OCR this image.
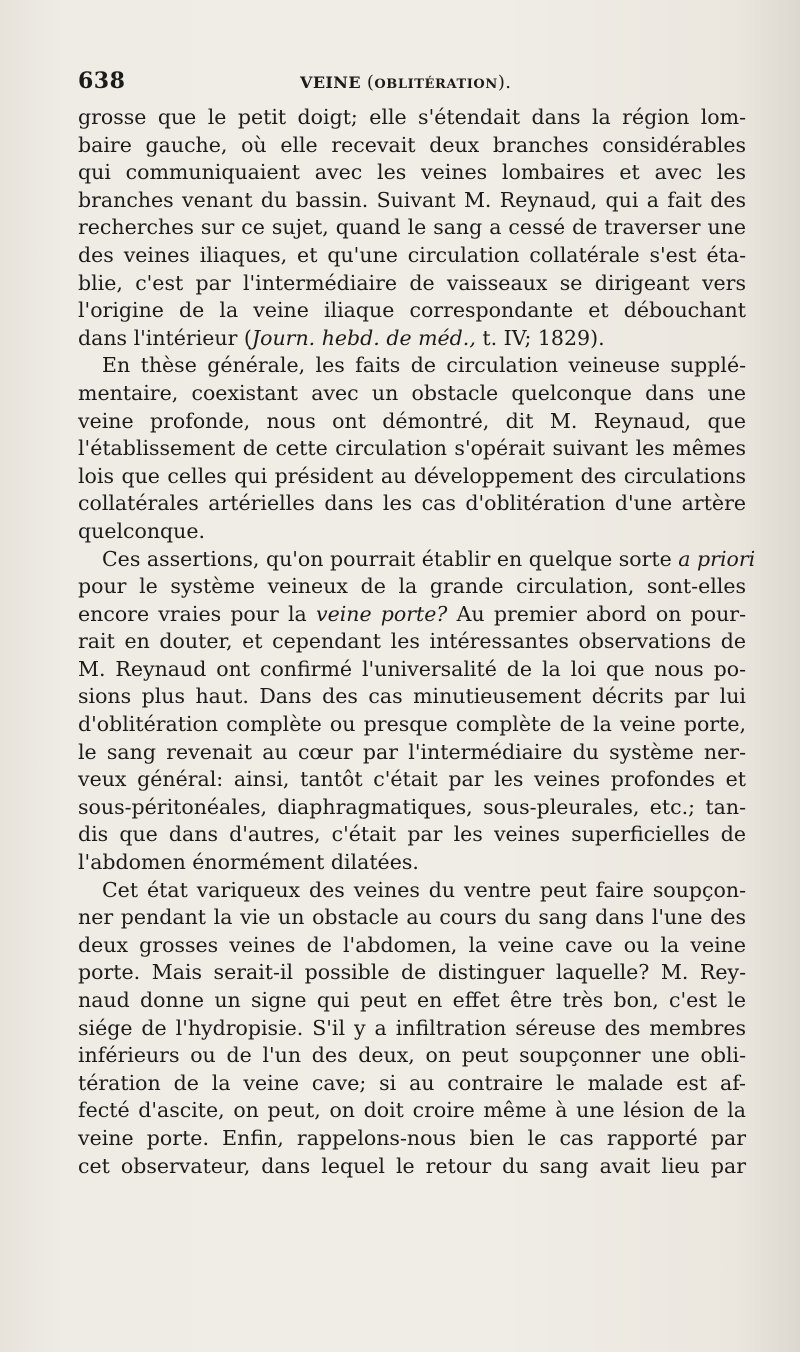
638	VEINE (OBLITÉRATION).
grosse que le petit doigt; elle s'étendait dans la région lom-
baire gauche, où elle recevait deux branches considérables
qui communiquaient avec les veines lombaires et avec les
branches venant du bassin. Suivant M. Reynaud, qui a fait des
recherches sur ce sujet, quand le sang a cessé de traverser une
des veines iliaques, et qu'une circulation collatérale s'est éta-
blie, c'est par l'intermédiaire de vaisseaux se dirigeant vers
l'origine de la veine iliaque correspondante et débouchant
dans l'intérieur (Journ. hebd. de méd., t. IV; 1829).
En thèse générale, les faits de circulation veineuse supplé-
mentaire, coexistant avec un obstacle quelconque dans une
veine profonde, nous ont démontré, dit M. Reynaud, que
l'établissement de cette circulation s'opérait suivant les mêmes
lois que celles qui président au développement des circulations
collatérales artérielles dans les cas d'oblitération d'une artère
quelconque.
Ces assertions, qu'on pourrait établir en quelque sorte a priori
pour le système veineux de la grande circulation, sont-elles
encore vraies pour la veine porte? Au premier abord on pour-
rait en douter, et cependant les intéressantes observations de
M. Reynaud ont confirmé l'universalité de la loi que nous po-
sions plus haut. Dans des cas minutieusement décrits par lui
d'oblitération complète ou presque complète de la veine porte,
le sang revenait au cœur par l'intermédiaire du système ner-
veux général: ainsi, tantôt c'était par les veines profondes et
sous-péritonéales, diaphragmatiques, sous-pleurales, etc.; tan-
dis que dans d'autres, c'était par les veines superficielles de
l'abdomen énormément dilatées.
Cet état variqueux des veines du ventre peut faire soupçon-
ner pendant la vie un obstacle au cours du sang dans l'une des
deux grosses veines de l'abdomen, la veine cave ou la veine
porte. Mais serait-il possible de distinguer laquelle? M. Rey-
naud donne un signe qui peut en effet être très bon, c'est le
siége de l'hydropisie. S'il y a infiltration séreuse des membres
inférieurs ou de l'un des deux, on peut soupçonner une obli-
tération de la veine cave; si au contraire le malade est af-
fecté d'ascite, on peut, on doit croire même à une lésion de la
veine porte. Enfin, rappelons-nous bien le cas rapporté par
cet observateur, dans lequel le retour du sang avait lieu par
